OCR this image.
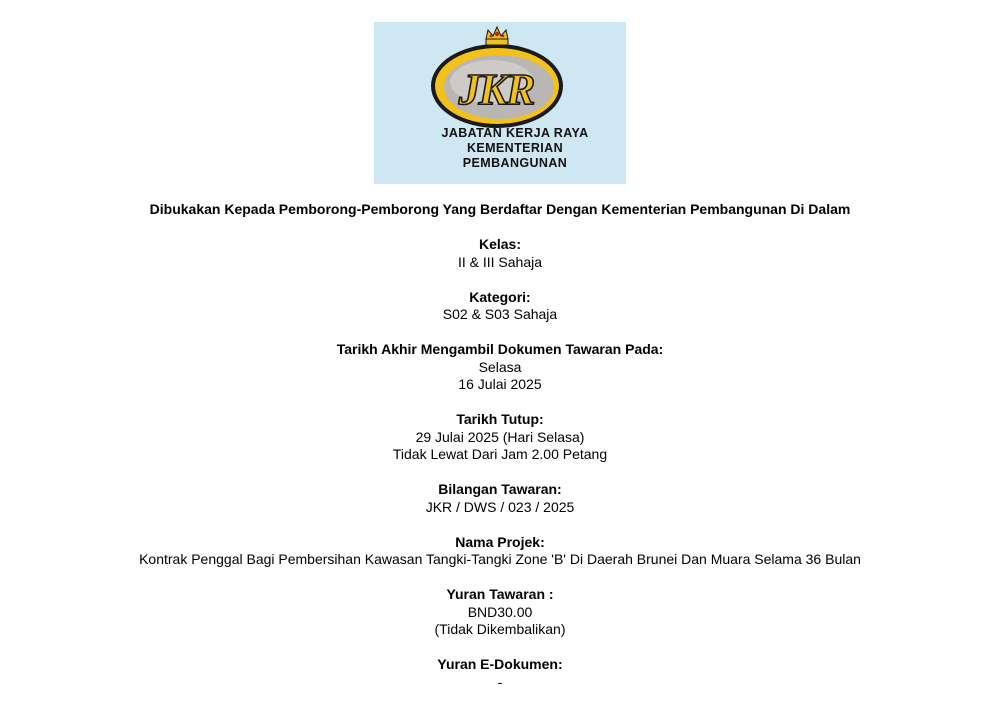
JKR
JABATAN KERJA RAYA
KEMENTERIAN
PEMBANGUNAN
Dibukakan Kepada Pemborong-Pemborong Yang Berdaftar Dengan Kementerian Pembangunan Di Dalam
Kelas:
II & III Sahaja
Kategori:
S02 & S03 Sahaja
Tarikh Akhir Mengambil Dokumen Tawaran Pada:
Selasa
16 Julai 2025
Tarikh Tutup:
29 Julai 2025 (Hari Selasa)
Tidak Lewat Dari Jam 2.00 Petang
Bilangan Tawaran:
JKR / DWS / 023 / 2025
Nama Projek:
Kontrak Penggal Bagi Pembersihan Kawasan Tangki-Tangki Zone 'B' Di Daerah Brunei Dan Muara Selama 36 Bulan
Yuran Tawaran :
BND30.00
(Tidak Dikembalikan)
Yuran E-Dokumen:
-
